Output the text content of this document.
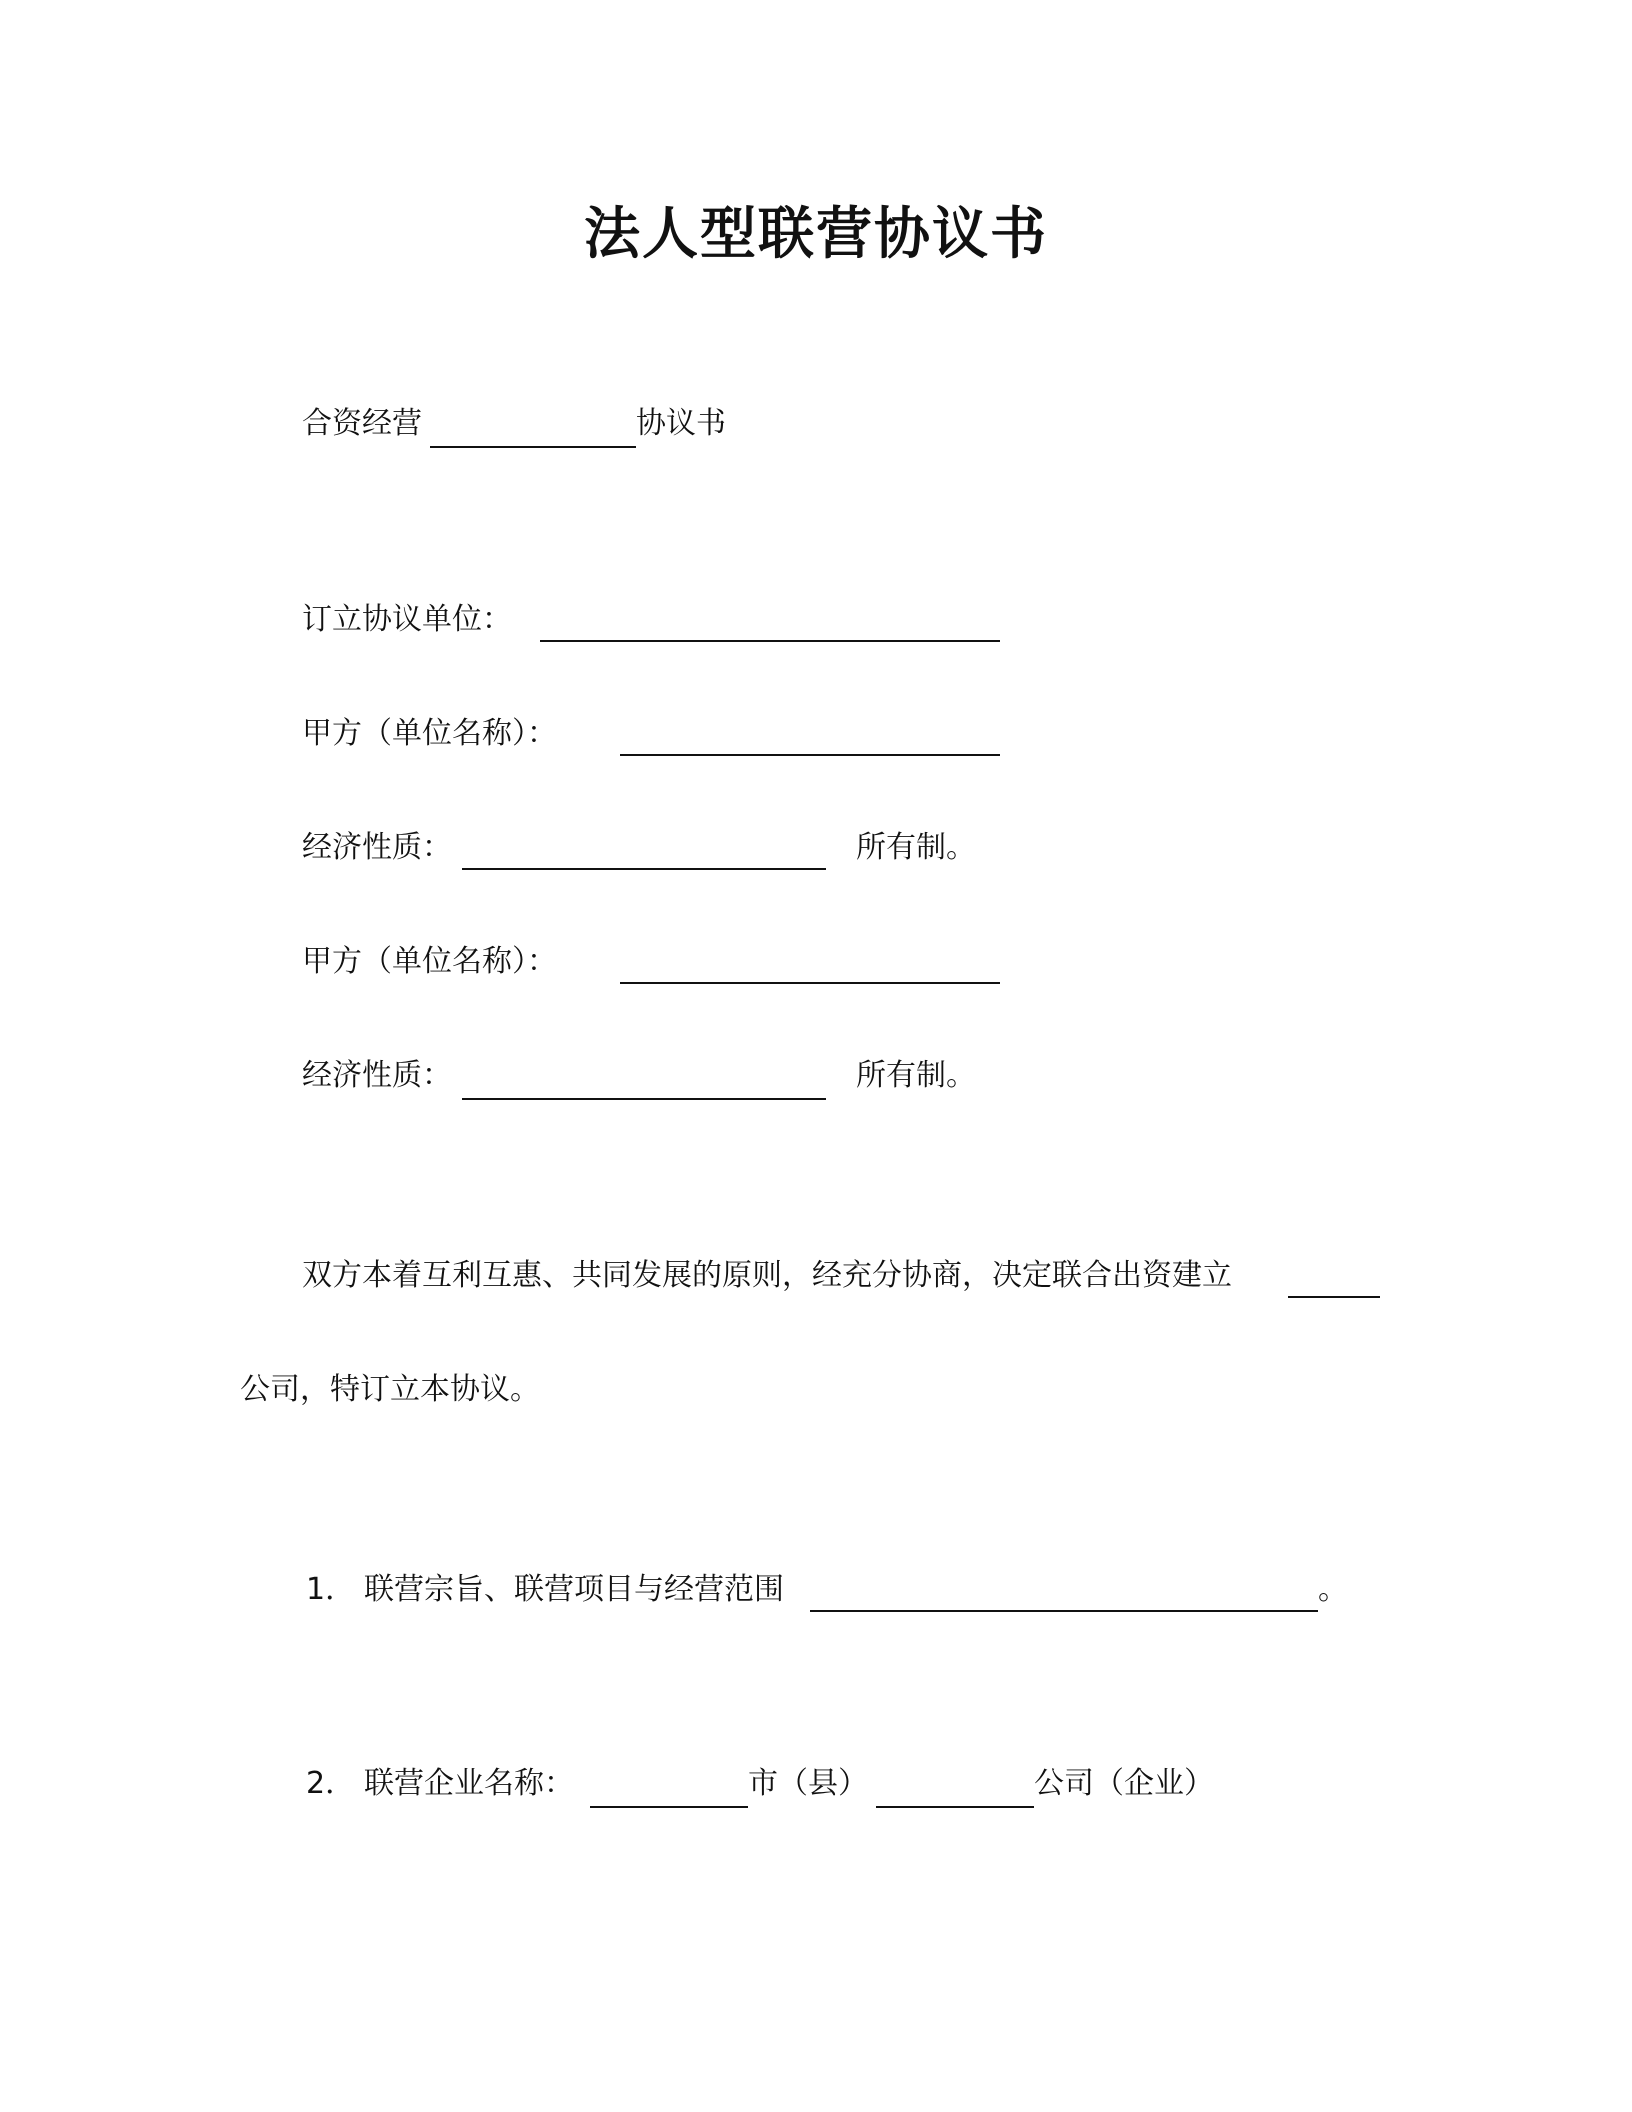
法人型联营协议书
合资经营	协议书
订立协议单位：
甲方（单位名称）：
经济性质：	所有制。
甲方（单位名称）：
经济性质：	所有制。
双方本着互利互惠、共同发展的原则，经充分协商，决定联合出资建立
公司，特订立本协议。
1． 联营宗旨、联营项目与经营范围	。
2． 联营企业名称：	市（县）	公司（企业）
